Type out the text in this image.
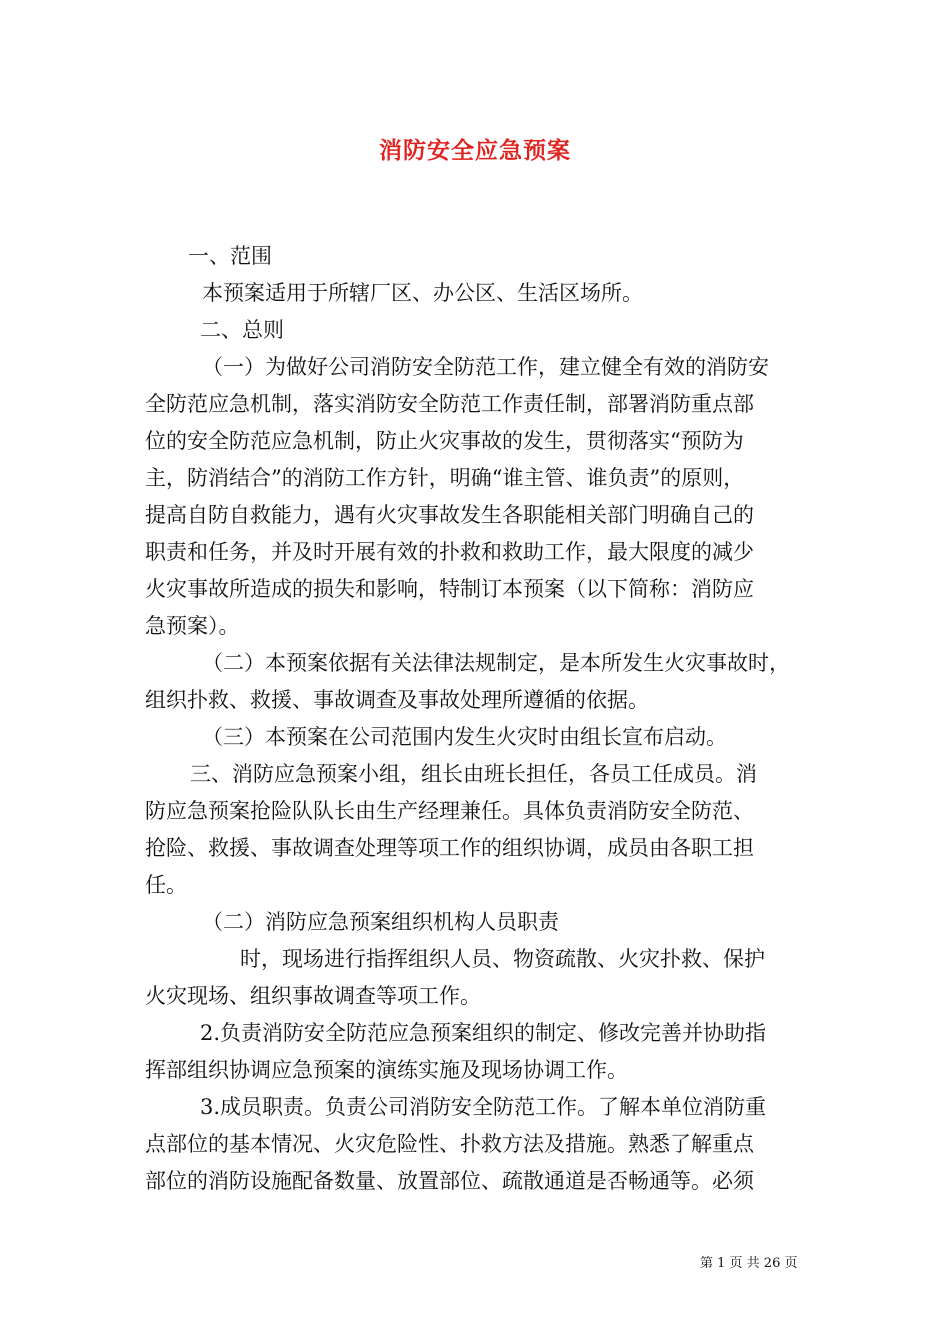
消防安全应急预案
一、范围
本预案适用于所辖厂区、办公区、生活区场所。
二、总则
（一）为做好公司消防安全防范工作，建立健全有效的消防安
全防范应急机制，落实消防安全防范工作责任制，部署消防重点部
位的安全防范应急机制，防止火灾事故的发生，贯彻落实“预防为
主，防消结合”的消防工作方针，明确“谁主管、谁负责”的原则，
提高自防自救能力，遇有火灾事故发生各职能相关部门明确自己的
职责和任务，并及时开展有效的扑救和救助工作，最大限度的减少
火灾事故所造成的损失和影响，特制订本预案（以下简称：消防应
急预案）。
（二）本预案依据有关法律法规制定，是本所发生火灾事故时，
组织扑救、救援、事故调查及事故处理所遵循的依据。
（三）本预案在公司范围内发生火灾时由组长宣布启动。
三、消防应急预案小组，组长由班长担任，各员工任成员。消
防应急预案抢险队队长由生产经理兼任。具体负责消防安全防范、
抢险、救援、事故调查处理等项工作的组织协调，成员由各职工担
任。
（二）消防应急预案组织机构人员职责
时，现场进行指挥组织人员、物资疏散、火灾扑救、保护
火灾现场、组织事故调查等项工作。
2.负责消防安全防范应急预案组织的制定、修改完善并协助指
挥部组织协调应急预案的演练实施及现场协调工作。
3.成员职责。负责公司消防安全防范工作。了解本单位消防重
点部位的基本情况、火灾危险性、扑救方法及措施。熟悉了解重点
部位的消防设施配备数量、放置部位、疏散通道是否畅通等。必须
第 1 页 共 26 页
